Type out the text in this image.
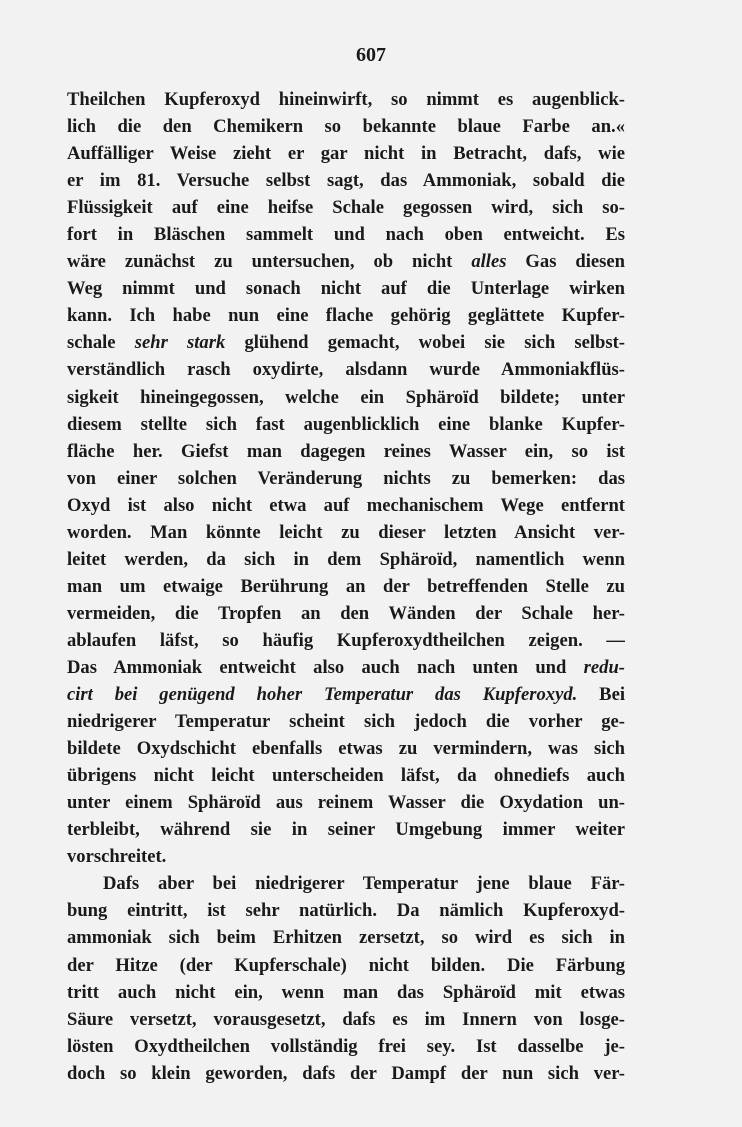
607
Theilchen Kupferoxyd hineinwirft, so nimmt es augenblick-
lich die den Chemikern so bekannte blaue Farbe an.«
Auffälliger Weise zieht er gar nicht in Betracht, dafs, wie
er im 81. Versuche selbst sagt, das Ammoniak, sobald die
Flüssigkeit auf eine heifse Schale gegossen wird, sich so-
fort in Bläschen sammelt und nach oben entweicht. Es
wäre zunächst zu untersuchen, ob nicht alles Gas diesen
Weg nimmt und sonach nicht auf die Unterlage wirken
kann. Ich habe nun eine flache gehörig geglättete Kupfer-
schale sehr stark glühend gemacht, wobei sie sich selbst-
verständlich rasch oxydirte, alsdann wurde Ammoniakflüs-
sigkeit hineingegossen, welche ein Sphäroïd bildete; unter
diesem stellte sich fast augenblicklich eine blanke Kupfer-
fläche her. Giefst man dagegen reines Wasser ein, so ist
von einer solchen Veränderung nichts zu bemerken: das
Oxyd ist also nicht etwa auf mechanischem Wege entfernt
worden. Man könnte leicht zu dieser letzten Ansicht ver-
leitet werden, da sich in dem Sphäroïd, namentlich wenn
man um etwaige Berührung an der betreffenden Stelle zu
vermeiden, die Tropfen an den Wänden der Schale her-
ablaufen läfst, so häufig Kupferoxydtheilchen zeigen. —
Das Ammoniak entweicht also auch nach unten und redu-
cirt bei genügend hoher Temperatur das Kupferoxyd. Bei
niedrigerer Temperatur scheint sich jedoch die vorher ge-
bildete Oxydschicht ebenfalls etwas zu vermindern, was sich
übrigens nicht leicht unterscheiden läfst, da ohnediefs auch
unter einem Sphäroïd aus reinem Wasser die Oxydation un-
terbleibt, während sie in seiner Umgebung immer weiter
vorschreitet.
Dafs aber bei niedrigerer Temperatur jene blaue Fär-
bung eintritt, ist sehr natürlich. Da nämlich Kupferoxyd-
ammoniak sich beim Erhitzen zersetzt, so wird es sich in
der Hitze (der Kupferschale) nicht bilden. Die Färbung
tritt auch nicht ein, wenn man das Sphäroïd mit etwas
Säure versetzt, vorausgesetzt, dafs es im Innern von losge-
lösten Oxydtheilchen vollständig frei sey. Ist dasselbe je-
doch so klein geworden, dafs der Dampf der nun sich ver-
